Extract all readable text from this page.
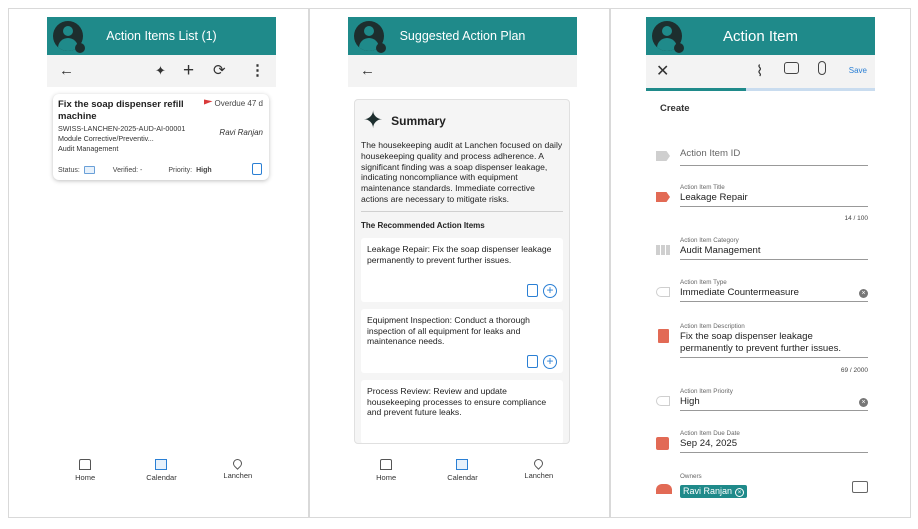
Action Items List (1)
←	✦ + ⟳ ⋮
Fix the soap dispenser refill machine
Overdue 47 d
SWISS-LANCHEN-2025-AUD-AI-00001
Module Corrective/Preventiv...
Audit Management
Ravi Ranjan
Status:	Verified: -	Priority: High
Home	Calendar	Lanchen
Suggested Action Plan
←
✦ Summary
The housekeeping audit at Lanchen focused on daily housekeeping quality and process adherence. A significant finding was a soap dispenser leakage, indicating noncompliance with equipment maintenance standards. Immediate corrective actions are necessary to mitigate risks.
The Recommended Action Items
Leakage Repair: Fix the soap dispenser leakage permanently to prevent further issues.
+
Equipment Inspection: Conduct a thorough inspection of all equipment for leaks and maintenance needs.
+
Process Review: Review and update housekeeping processes to ensure compliance and prevent future leaks.
Home	Calendar	Lanchen
Action Item
✕	⌇	Save
Create
Action Item ID
Action Item Title
Leakage Repair
14 / 100
Action Item Category
Audit Management
Action Item Type
Immediate Countermeasure	×
Action Item Description
Fix the soap dispenser leakage permanently to prevent further issues.
69 / 2000
Action Item Priority
High	×
Action Item Due Date
Sep 24, 2025
Owners
Ravi Ranjan ×
